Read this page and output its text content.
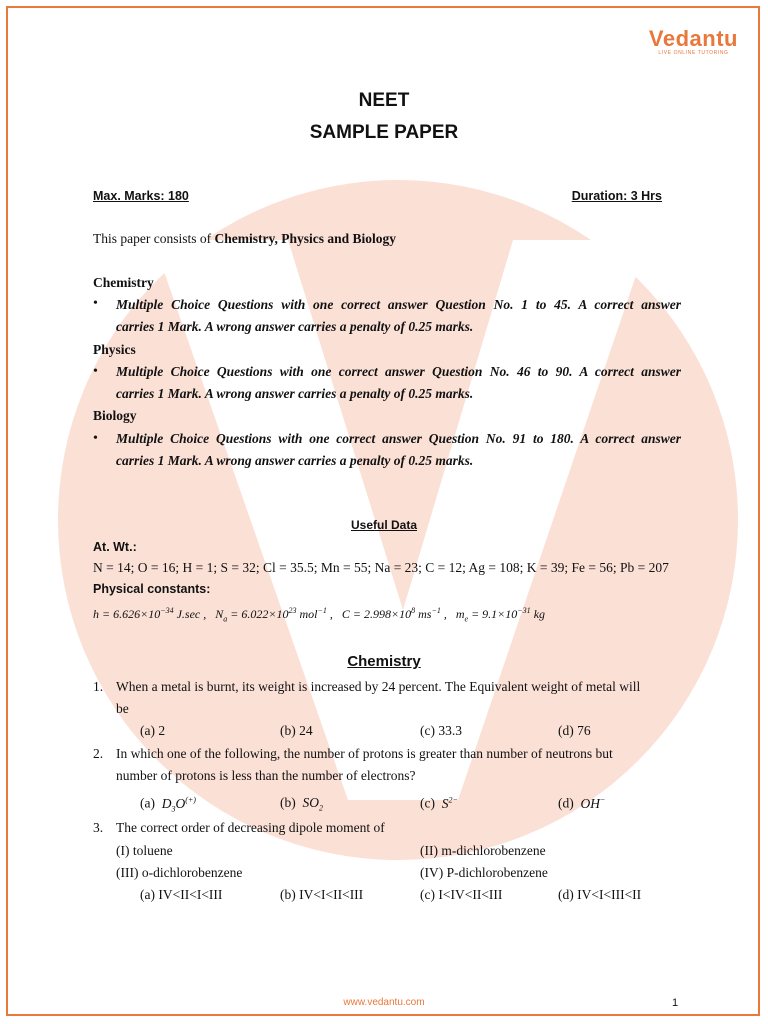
Vedantu
LIVE ONLINE TUTORING
NEET
SAMPLE PAPER
Max. Marks: 180	Duration: 3 Hrs
This paper consists of Chemistry, Physics and Biology
Chemistry
• Multiple Choice Questions with one correct answer Question No. 1 to 45. A correct answer
carries 1 Mark. A wrong answer carries a penalty of 0.25 marks.
Physics
• Multiple Choice Questions with one correct answer Question No. 46 to 90. A correct answer
carries 1 Mark. A wrong answer carries a penalty of 0.25 marks.
Biology
• Multiple Choice Questions with one correct answer Question No. 91 to 180. A correct answer
carries 1 Mark. A wrong answer carries a penalty of 0.25 marks.
Useful Data
At. Wt.:
N = 14; O = 16; H = 1; S = 32; Cl = 35.5; Mn = 55; Na = 23; C = 12; Ag = 108; K = 39; Fe = 56; Pb = 207
Physical constants:
$h = 6.626\times 10^{-34}$ J.sec , $N_a = 6.022\times 10^{23}$ mol$^{-1}$ , $C = 2.998\times 10^8$ $ms^{-1}$ , $m_e = 9.1\times 10^{-31}$ kg
Chemistry
1. When a metal is burnt, its weight is increased by 24 percent. The Equivalent weight of metal will
be
(a) 2	(b) 24	(c) 33.3	(d) 76
2. In which one of the following, the number of protons is greater than number of neutrons but
number of protons is less than the number of electrons?
(a) $D_3O^{(+)}$	(b) $SO_2$	(c) $S^{2-}$	(d) OH−
3. The correct order of decreasing dipole moment of
(I) toluene	(II) m-dichlorobenzene
(III) o-dichlorobenzene	(IV) P-dichlorobenzene
(a) IV<II<I<III	(b) IV<I<II<III	(c) I<IV<II<III	(d) IV<I<III<II
www.vedantu.com	1
